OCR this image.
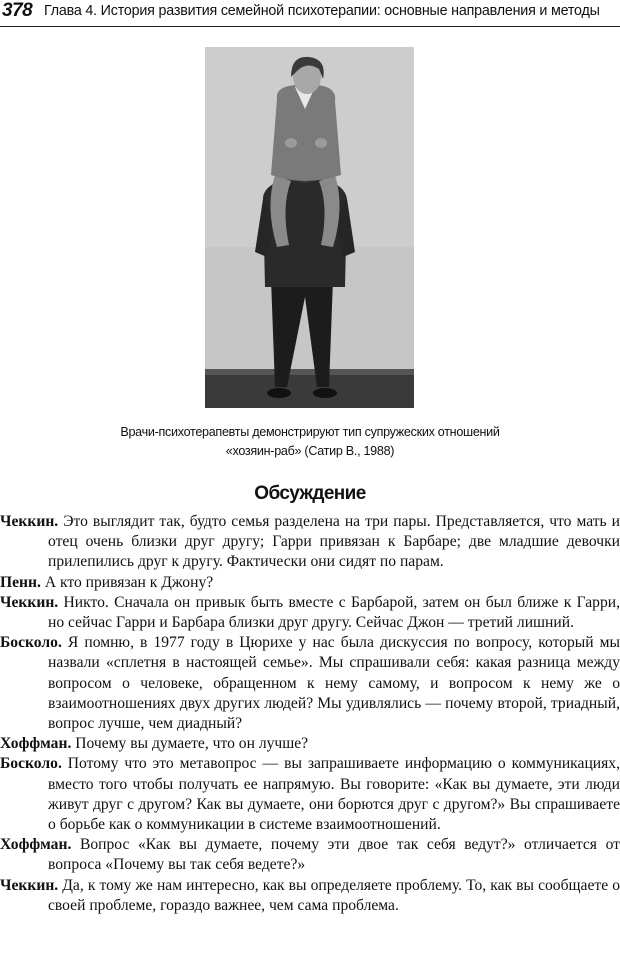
378 Глава 4. История развития семейной психотерапии: основные направления и методы
Врачи-психотерапевты демонстрируют тип супружеских отношений
«хозяин-раб» (Сатир В., 1988)
Обсуждение

Чеккин. Это выглядит так, будто семья разделена на три пары. Представляется, что мать и отец очень близки друг другу; Гарри привязан к Барбаре; две младшие девочки прилепились друг к другу. Фактически они сидят по парам.

Пенн. А кто привязан к Джону?

Чеккин. Никто. Сначала он привык быть вместе с Барбарой, затем он был ближе к Гарри, но сейчас Гарри и Барбара близки друг другу. Сейчас Джон — третий лишний.

Босколо. Я помню, в 1977 году в Цюрихе у нас была дискуссия по вопросу, который мы назвали «сплетня в настоящей семье». Мы спрашивали себя: какая разница между вопросом о человеке, обращенном к нему самому, и вопросом к нему же о взаимоотношениях двух других людей? Мы удивлялись — почему второй, триадный, вопрос лучше, чем диадный?

Хоффман. Почему вы думаете, что он лучше?

Босколо. Потому что это метавопрос — вы запрашиваете информацию о коммуникациях, вместо того чтобы получать ее напрямую. Вы говорите: «Как вы думаете, эти люди живут друг с другом? Как вы думаете, они борются друг с другом?» Вы спрашиваете о борьбе как о коммуникации в системе взаимоотношений.

Хоффман. Вопрос «Как вы думаете, почему эти двое так себя ведут?» отличается от вопроса «Почему вы так себя ведете?»

Чеккин. Да, к тому же нам интересно, как вы определяете проблему. То, как вы сообщаете о своей проблеме, гораздо важнее, чем сама проблема.
